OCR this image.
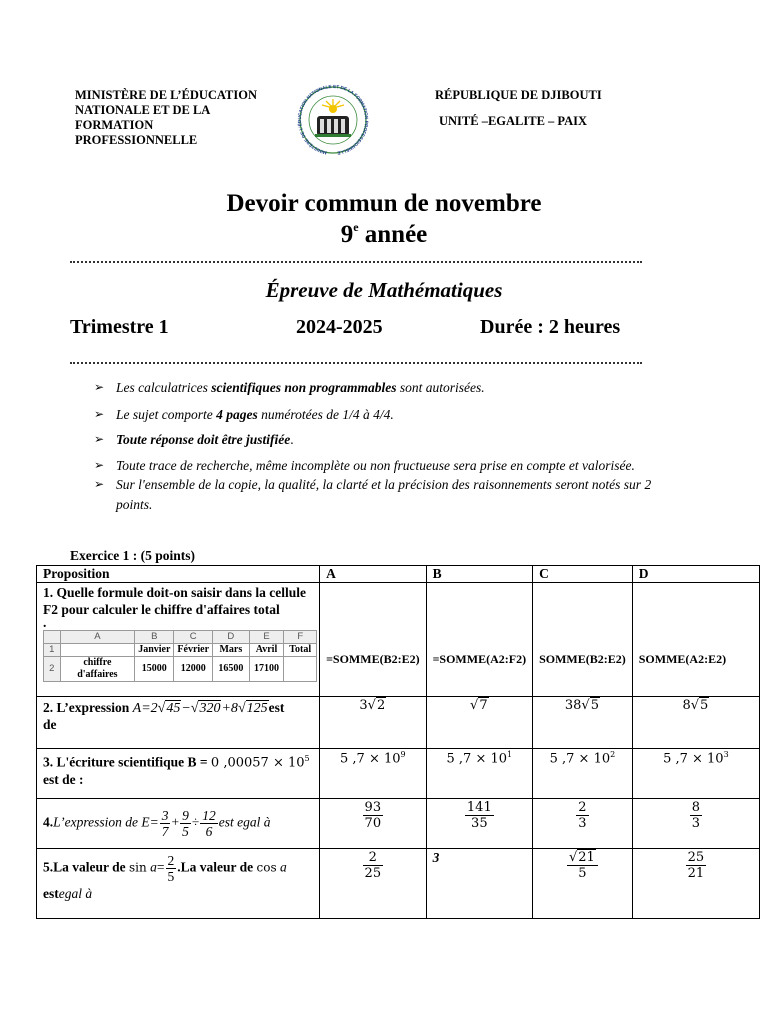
MINISTÈRE DE L’ÉDUCATION
NATIONALE ET DE LA
FORMATION
PROFESSIONNELLE
MINISTÈRE DE L'ÉDUCATION NATIONALE ET DE LA FORMATION PROFESSIONNELLE
RÉPUBLIQUE DE DJIBOUTI
UNITÉ –EGALITE – PAIX
Devoir commun de novembre
9e année
Épreuve de Mathématiques
Trimestre 1	2024-2025	Durée : 2 heures
➢ Les calculatrices scientifiques non programmables sont autorisées.
➢ Le sujet comporte 4 pages numérotées de 1/4 à 4/4.
➢ Toute réponse doit être justifiée.
➢ Toute trace de recherche, même incomplète ou non fructueuse sera prise en compte et valorisée.
➢ Sur l'ensemble de la copie, la qualité, la clarté et la précision des raisonnements seront notés sur 2 points.
Exercice 1 : (5 points)
Proposition	A	B	C	D

1. Quelle formule doit-on saisir dans la cellule F2 pour calculer le chiffre d'affaires total
.
	A	B	C	D	E	F
1		Janvier	Février	Mars	Avril	Total
2	chiffre d'affaires	15000	12000	16500	17100	
	=SOMME(B2:E2)	=SOMME(A2:F2)	SOMME(B2:E2)	SOMME(A2:E2)

2. L’expression A=2√45−√320+8√125est
de
	3√2	√7	38√5	8√5

3. L'écriture scientifique B = 0 $,00057 \times 10^5$
est de :
	5 $,7 \times 10^9$	5 $,7 \times 10^1$	5 $,7 \times 10^2$	5 $,7 \times 10^3$
4.L’expression de $E= \frac{3}{7} + \frac{9}{5} \div \frac{12}{6}$ est egal à	$\frac{93}{70}$	$\frac{141}{35}$	$\frac{2}{3}$	$\frac{8}{3}$

5.La valeur de $\sin a= \frac{2}{5} .La$ valeur de cos a
estegal à

$\frac{2}{25}$	3	$\frac{√21}{5}$	$\frac{25}{21}$
